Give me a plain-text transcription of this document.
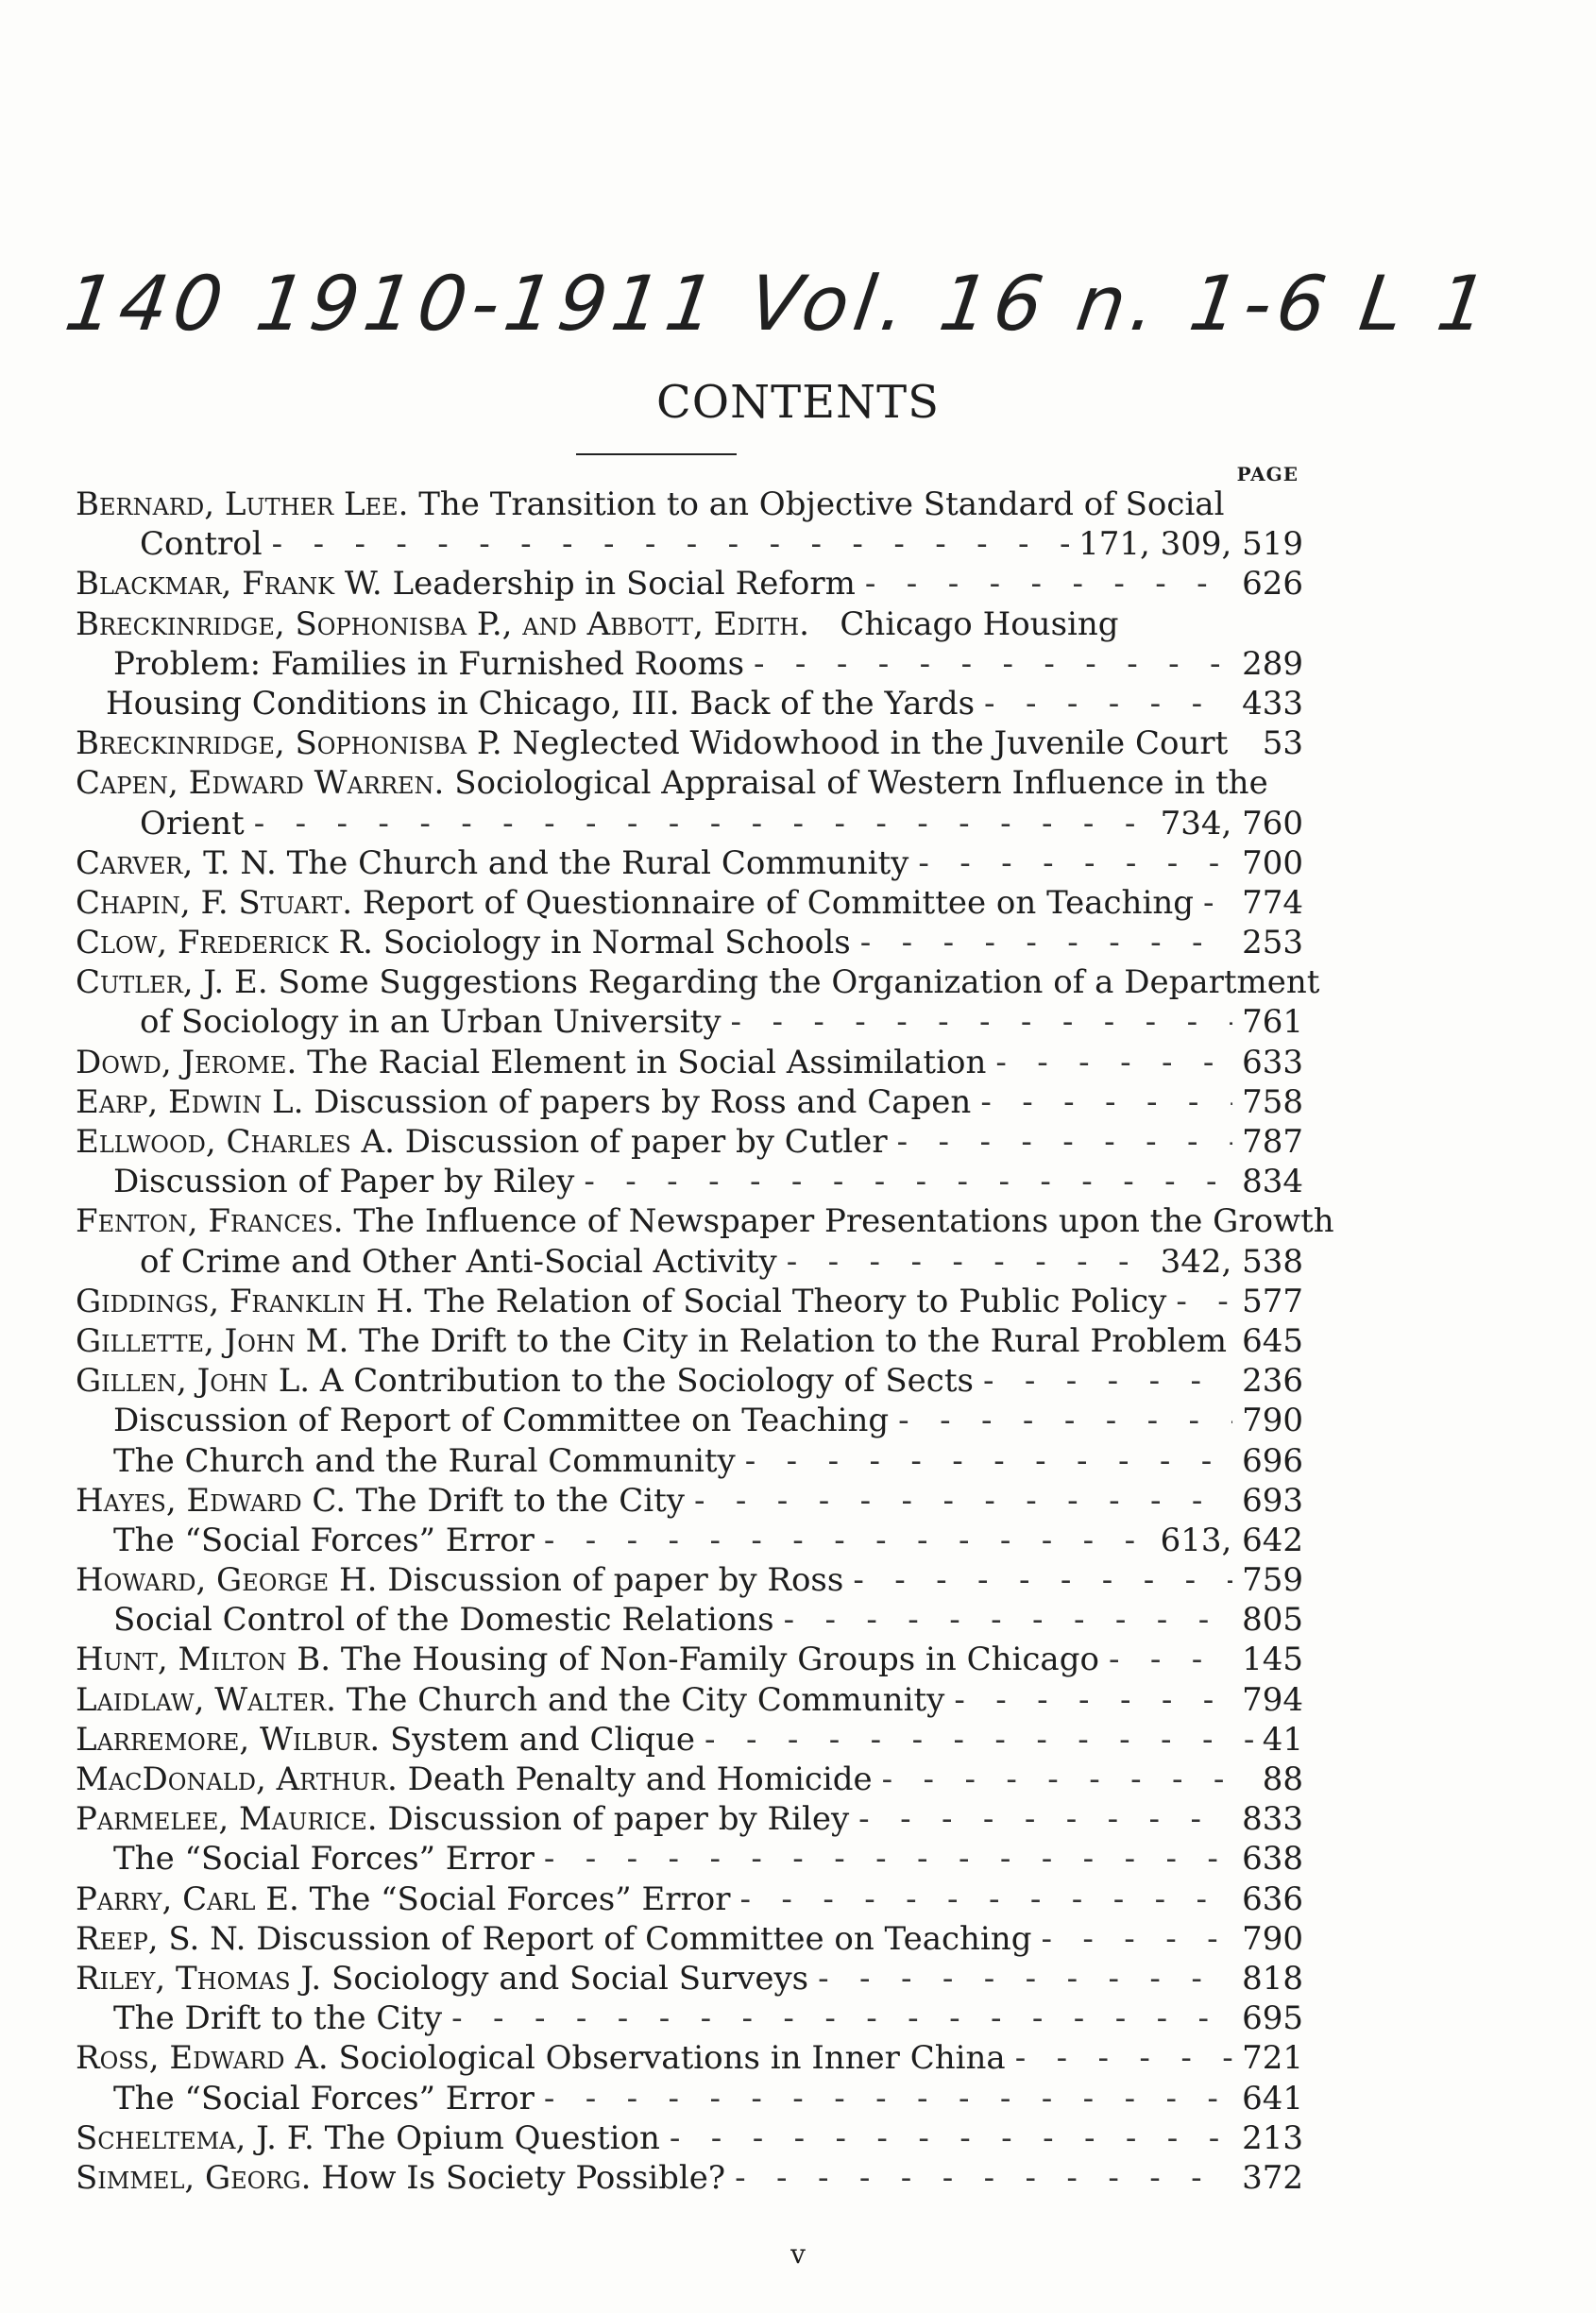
140 1910-1911 Vol. 16 n. 1-6 L 1
CONTENTS
PAGE
Bernard, Luther Lee.
The Transition to an Objective Standard of Social
Control - -	171, 309, 519
Blackmar, Frank W.
Leadership in Social Reform - -	626
Breckinridge, Sophonisba P., and Abbott, Edith.
Chicago Housing
Problem: Families in Furnished Rooms - -	289
Housing Conditions in Chicago, III. Back of the Yards - -	433
Breckinridge, Sophonisba P.
Neglected Widowhood in the Juvenile Court 53
Capen, Edward Warren.
Sociological Appraisal of Western Influence in the
Orient - -	734, 760
Carver, T. N.
The Church and the Rural Community - -	700
Chapin, F. Stuart.
Report of Questionnaire of Committee on Teaching - - 774
Clow, Frederick R.
Sociology in Normal Schools - -	253
Cutler, J. E.
Some Suggestions Regarding the Organization of a Department
of Sociology in an Urban University - -	761
Dowd, Jerome.
The Racial Element in Social Assimilation - -	633
Earp, Edwin L.
Discussion of papers by Ross and Capen - -	758
Ellwood, Charles A.
Discussion of paper by Cutler - -	787
Discussion of Paper by Riley - -	834
Fenton, Frances.
The Influence of Newspaper Presentations upon the Growth
of Crime and Other Anti-Social Activity - -	342, 538
Giddings, Franklin H.
The Relation of Social Theory to Public Policy - - 577
Gillette, John M.
The Drift to the City in Relation to the Rural Problem 645
Gillen, John L.
A Contribution to the Sociology of Sects - -	236
Discussion of Report of Committee on Teaching - -	790
The Church and the Rural Community - -	696
Hayes, Edward C.
The Drift to the City - -	693
The “Social Forces” Error - -	613, 642
Howard, George H.
Discussion of paper by Ross - -	759
Social Control of the Domestic Relations - -	805
Hunt, Milton B.
The Housing of Non-Family Groups in Chicago - -	145
Laidlaw, Walter.
The Church and the City Community - -	794
Larremore, Wilbur.
System and Clique - -	41
MacDonald, Arthur.
Death Penalty and Homicide - -	88
Parmelee, Maurice.
Discussion of paper by Riley - -	833
The “Social Forces” Error - -	638
Parry, Carl E.
The “Social Forces” Error - -	636
Reep, S. N.
Discussion of Report of Committee on Teaching - -	790
Riley, Thomas J.
Sociology and Social Surveys - -	818
The Drift to the City - -	695
Ross, Edward A.
Sociological Observations in Inner China - -	721
The “Social Forces” Error - -	641
Scheltema, J. F.
The Opium Question - -	213
Simmel, Georg.
How Is Society Possible? - -	372
v
